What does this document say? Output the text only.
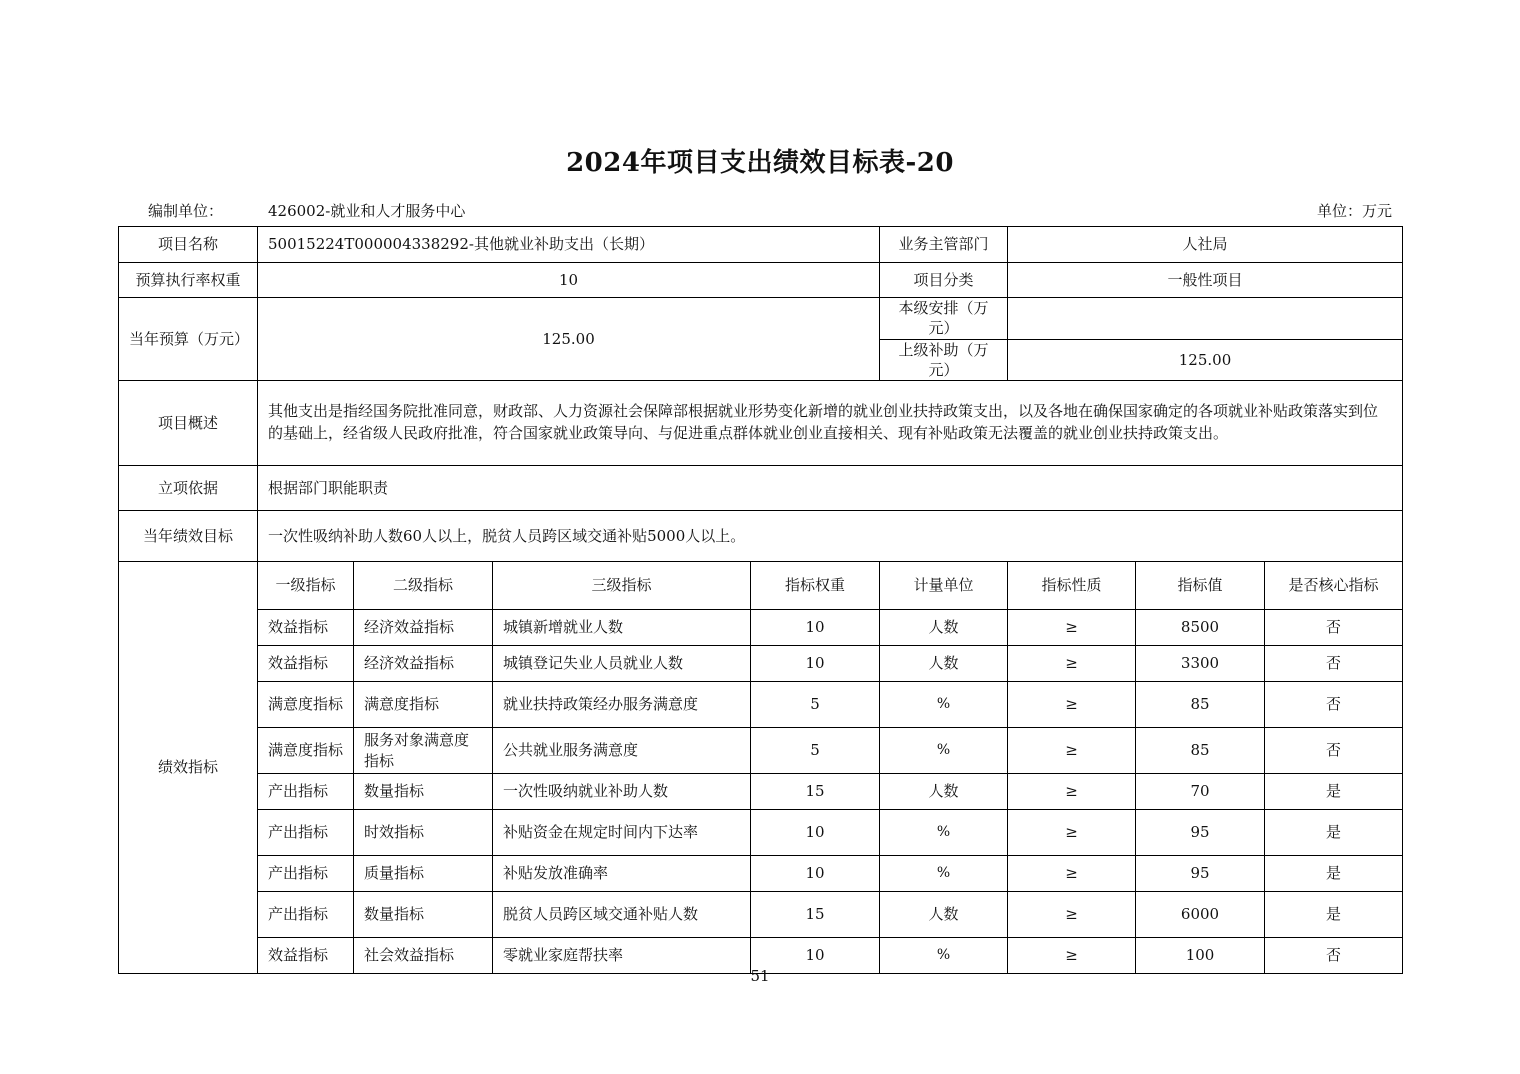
2024年项目支出绩效目标表-20
编制单位：	426002-就业和人才服务中心	单位：万元
项目名称	50015224T000004338292-其他就业补助支出（长期）				业务主管部门	人社局		
预算执行率权重	10				项目分类	一般性项目		
当年预算（万元）	125.00				本级安排（万元）			
					上级补助（万元）	125.00		
项目概述	其他支出是指经国务院批准同意，财政部、人力资源社会保障部根据就业形势变化新增的就业创业扶持政策支出，以及各地在确保国家确定的各项就业补贴政策落实到位的基础上，经省级人民政府批准，符合国家就业政策导向、与促进重点群体就业创业直接相关、现有补贴政策无法覆盖的就业创业扶持政策支出。							
立项依据	根据部门职能职责							
当年绩效目标	一次性吸纳补助人数60人以上，脱贫人员跨区域交通补贴5000人以上。							
绩效指标	一级指标	二级指标	三级指标	指标权重	计量单位	指标性质	指标值	是否核心指标
	效益指标	经济效益指标	城镇新增就业人数	10	人数	≥	8500	否
	效益指标	经济效益指标	城镇登记失业人员就业人数	10	人数	≥	3300	否
	满意度指标	满意度指标	就业扶持政策经办服务满意度	5	%	≥	85	否
	满意度指标	服务对象满意度指标	公共就业服务满意度	5	%	≥	85	否
	产出指标	数量指标	一次性吸纳就业补助人数	15	人数	≥	70	是
	产出指标	时效指标	补贴资金在规定时间内下达率	10	%	≥	95	是
	产出指标	质量指标	补贴发放准确率	10	%	≥	95	是
	产出指标	数量指标	脱贫人员跨区域交通补贴人数	15	人数	≥	6000	是
	效益指标	社会效益指标	零就业家庭帮扶率	10	%	≥	100	否
51
